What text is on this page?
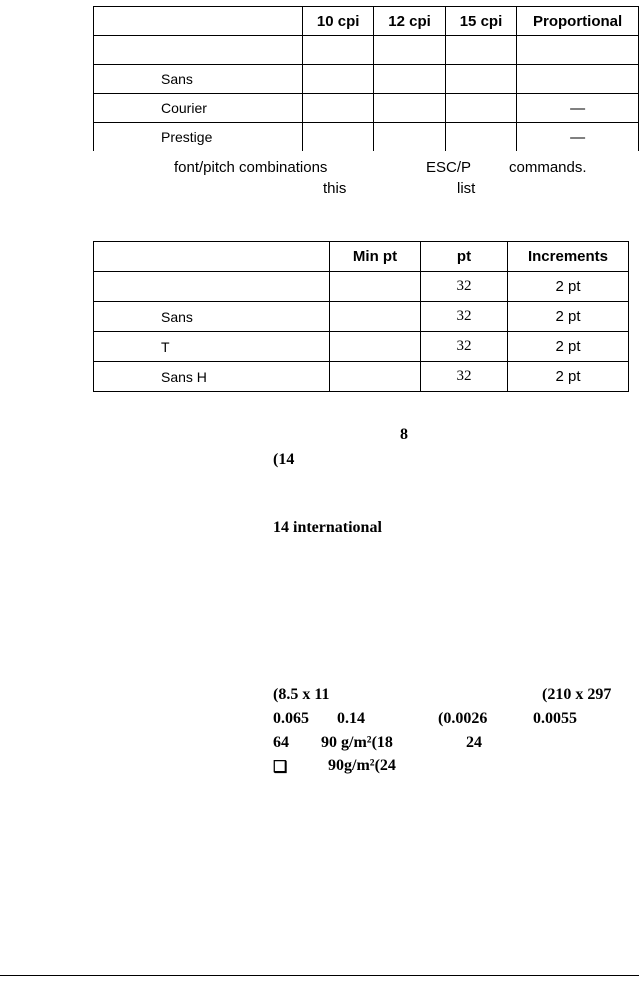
	10 cpi	12 cpi	15 cpi	Proportional

Sans				
Courier				—
Prestige				—
font/pitch combinations	ESC/P	commands.
this	list
	Min pt	pt	Increments
		32	2 pt
Sans		32	2 pt
T		32	2 pt
Sans H		32	2 pt
8
(14
14 international
(8.5 x 11	(210 x 297
0.065 0.14	(0.0026	0.0055
64 90 g/m²(18	24
❑	90g/m²(24
